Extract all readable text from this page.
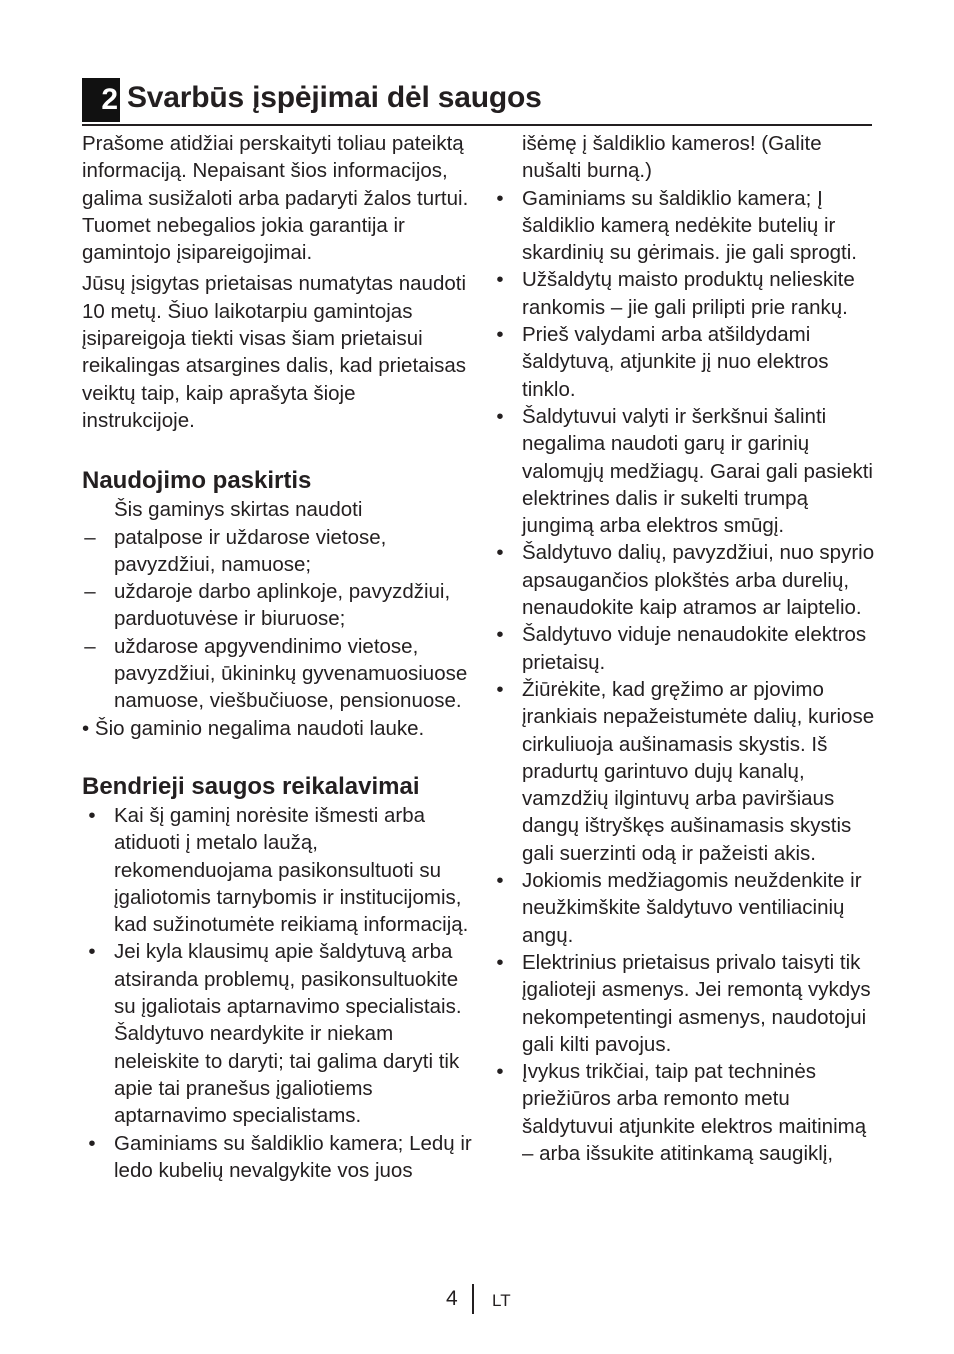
2 Svarbūs įspėjimai dėl saugos

Prašome atidžiai perskaityti toliau pateiktą informaciją. Nepaisant šios informacijos, galima susižaloti arba padaryti žalos turtui. Tuomet nebegalios jokia garantija ir gamintojo įsipareigojimai.

Jūsų įsigytas prietaisas numatytas naudoti 10 metų. Šiuo laikotarpiu gamintojas įsipareigoja tiekti visas šiam prietaisui reikalingas atsargines dalis, kad prietaisas veiktų taip, kaip aprašyta šioje instrukcijoje.

Naudojimo paskirtis
Šis gaminys skirtas naudoti
– patalpose ir uždarose vietose, pavyzdžiui, namuose;
– uždaroje darbo aplinkoje, pavyzdžiui, parduotuvėse ir biuruose;
– uždarose apgyvendinimo vietose, pavyzdžiui, ūkininkų gyvenamuosiuose namuose, viešbučiuose, pensionuose.
• Šio gaminio negalima naudoti lauke.
Bendrieji saugos reikalavimai
• Kai šį gaminį norėsite išmesti arba atiduoti į metalo laužą, rekomenduojama pasikonsultuoti su įgaliotomis tarnybomis ir institucijomis, kad sužinotumėte reikiamą informaciją.
• Jei kyla klausimų apie šaldytuvą arba atsiranda problemų, pasikonsultuokite su įgaliotais aptarnavimo specialistais. Šaldytuvo neardykite ir niekam neleiskite to daryti; tai galima daryti tik apie tai pranešus įgaliotiems aptarnavimo specialistams.
• Gaminiams su šaldiklio kamera; Ledų ir ledo kubelių nevalgykite vos juos
išėmę į šaldiklio kameros! (Galite nušalti burną.)
• Gaminiams su šaldiklio kamera; Į šaldiklio kamerą nedėkite butelių ir skardinių su gėrimais. jie gali sprogti.
• Užšaldytų maisto produktų nelieskite rankomis – jie gali prilipti prie rankų.
• Prieš valydami arba atšildydami šaldytuvą, atjunkite jį nuo elektros tinklo.
• Šaldytuvui valyti ir šerkšnui šalinti negalima naudoti garų ir garinių valomųjų medžiagų. Garai gali pasiekti elektrines dalis ir sukelti trumpą jungimą arba elektros smūgį.
• Šaldytuvo dalių, pavyzdžiui, nuo spyrio apsaugančios plokštės arba durelių, nenaudokite kaip atramos ar laiptelio.
• Šaldytuvo viduje nenaudokite elektros prietaisų.
• Žiūrėkite, kad gręžimo ar pjovimo įrankiais nepažeistumėte dalių, kuriose cirkuliuoja aušinamasis skystis. Iš pradurtų garintuvo dujų kanalų, vamzdžių ilgintuvų arba paviršiaus dangų ištryškęs aušinamasis skystis gali suerzinti odą ir pažeisti akis.
• Jokiomis medžiagomis neuždenkite ir neužkimškite šaldytuvo ventiliacinių angų.
• Elektrinius prietaisus privalo taisyti tik įgalioteji asmenys. Jei remontą vykdys nekompetentingi asmenys, naudotojui gali kilti pavojus.
• Įvykus trikčiai, taip pat techninės priežiūros arba remonto metu šaldytuvui atjunkite elektros maitinimą – arba išsukite atitinkamą saugiklį,
4 LT
